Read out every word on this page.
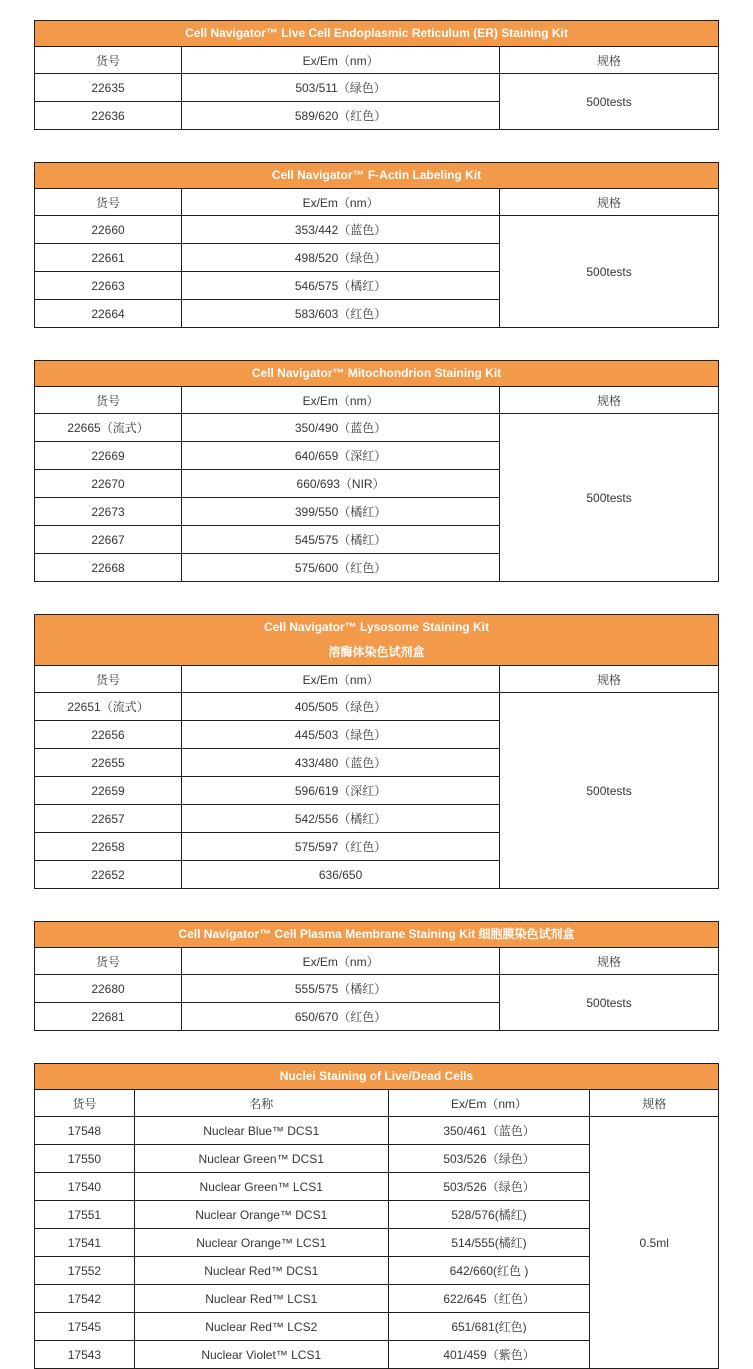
Cell Navigator™ Live Cell Endoplasmic Reticulum (ER) Staining Kit		

货号	Ex/Em（nm）	规格
22635	503/511（绿色）	500tests
22636	589/620（红色）	
Cell Navigator™ F-Actin Labeling Kit		

货号	Ex/Em（nm）	规格
22660	353/442（蓝色）	500tests
22661	498/520（绿色）	
22663	546/575（橘红）	
22664	583/603（红色）	
Cell Navigator™ Mitochondrion Staining Kit		

货号	Ex/Em（nm）	规格
22665（流式）	350/490（蓝色）	500tests
22669	640/659（深红）	
22670	660/693（NIR）	
22673	399/550（橘红）	
22667	545/575（橘红）	
22668	575/600（红色）	
Cell Navigator™ Lysosome Staining Kit
溶酶体染色试剂盒		

货号	Ex/Em（nm）	规格
22651（流式）	405/505（绿色）	500tests
22656	445/503（绿色）	
22655	433/480（蓝色）	
22659	596/619（深红）	
22657	542/556（橘红）	
22658	575/597（红色）	
22652	636/650	
Cell Navigator™ Cell Plasma Membrane Staining Kit 细胞膜染色试剂盒		

货号	Ex/Em（nm）	规格
22680	555/575（橘红）	500tests
22681	650/670（红色）	
Nuclei Staining of Live/Dead Cells			

货号	名称	Ex/Em（nm）	规格
17548	Nuclear Blue™ DCS1	350/461（蓝色）	0.5ml
17550	Nuclear Green™ DCS1	503/526（绿色）	
17540	Nuclear Green™ LCS1	503/526（绿色）	
17551	Nuclear Orange™ DCS1	528/576(橘红)	
17541	Nuclear Orange™ LCS1	514/555(橘红)	
17552	Nuclear Red™ DCS1	642/660(红色 )	
17542	Nuclear Red™ LCS1	622/645（红色）	
17545	Nuclear Red™ LCS2	651/681(红色)	
17543	Nuclear Violet™ LCS1	401/459（紫色）	
